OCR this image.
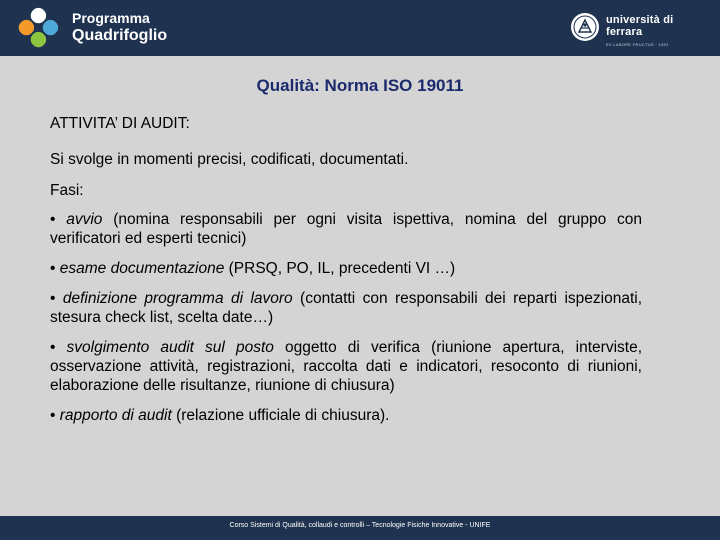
Programma
Quadrifoglio
università di ferrara
EX LABORE FRUCTUS · 1391
Qualità: Norma ISO 19011

ATTIVITA’ DI AUDIT:

Si svolge in momenti precisi, codificati, documentati.

Fasi:

• avvio (nomina responsabili per ogni visita ispettiva, nomina del gruppo con verificatori ed esperti tecnici)

• esame documentazione (PRSQ, PO, IL, precedenti VI …)

• definizione programma di lavoro (contatti con responsabili dei reparti ispezionati, stesura check list, scelta date…)

• svolgimento audit sul posto oggetto di verifica (riunione apertura, interviste, osservazione attività, registrazioni, raccolta dati e indicatori, resoconto di riunioni, elaborazione delle risultanze, riunione di chiusura)

• rapporto di audit (relazione ufficiale di chiusura).

Corso Sistemi di Qualità, collaudi e controlli – Tecnologie Fisiche Innovative - UNIFE
